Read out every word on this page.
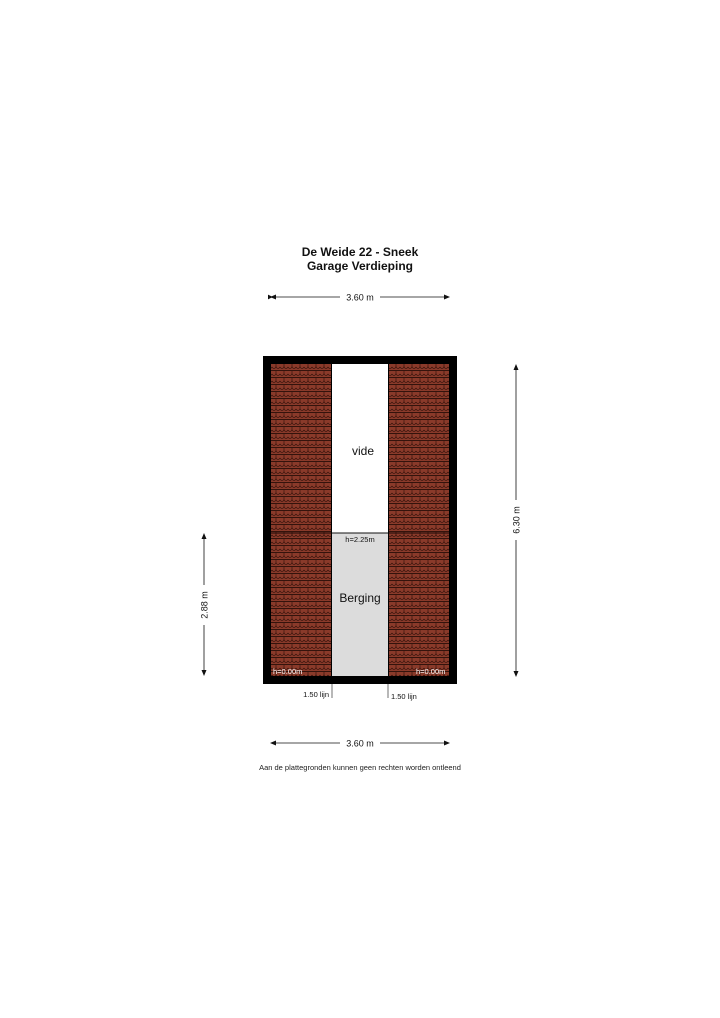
De Weide 22 - Sneek
Garage Verdieping
3.60 m
vide
h=2.25m
Berging
h=0.00m	h=0.00m
1.50 lijn	1.50 lijn
6.30 m
2.88 m
3.60 m
Aan de plattegronden kunnen geen rechten worden ontleend
